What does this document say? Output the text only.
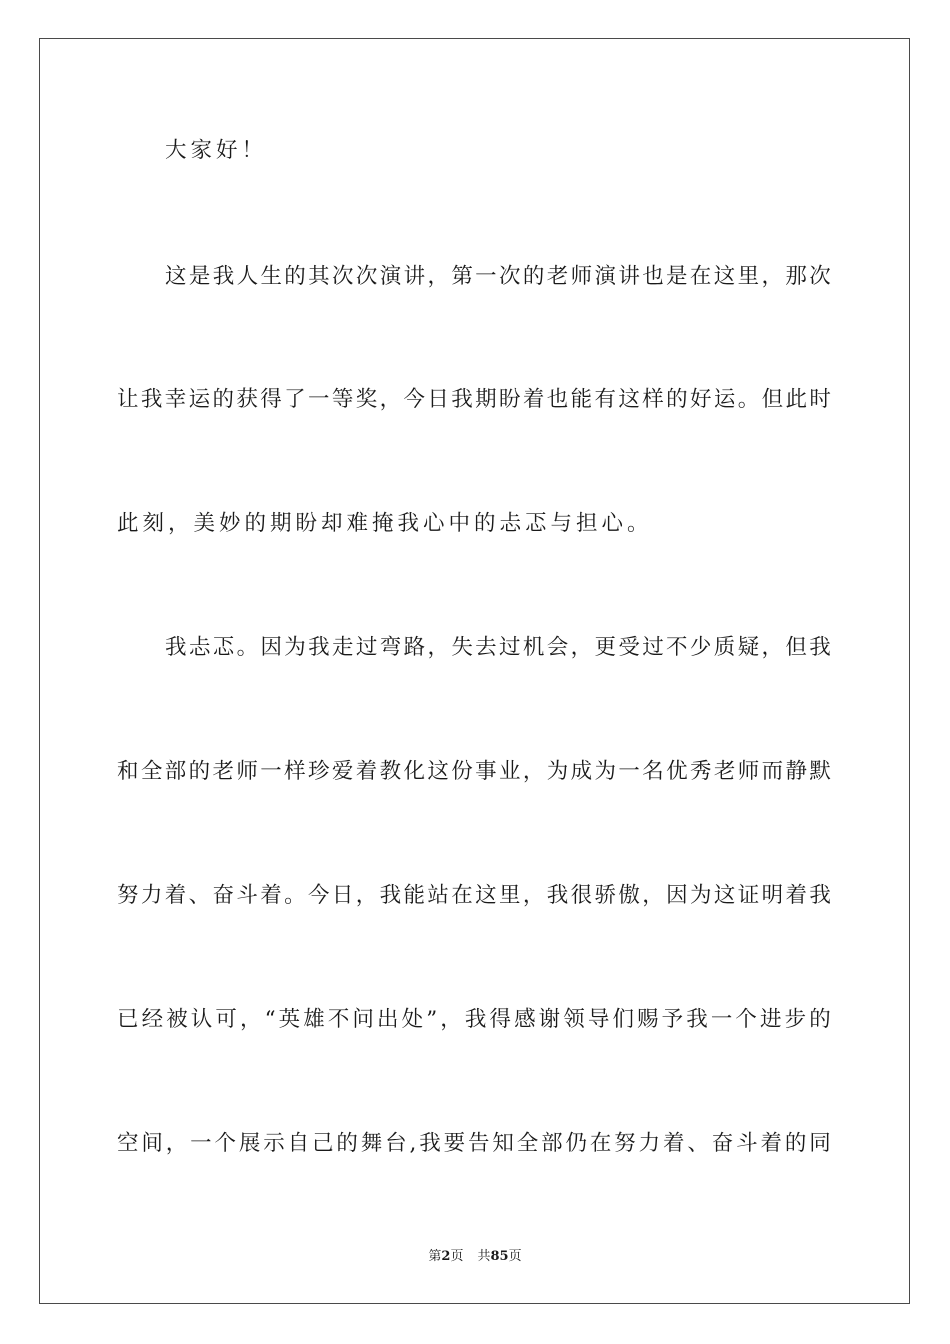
大家好！
这 是 我 人 生 的 其 次 次 演 讲 ， 第 一 次 的 老 师 演 讲 也 是 在 这 里 ， 那 次
让 我 幸 运 的 获 得 了 一 等 奖 ， 今 日 我 期 盼 着 也 能 有 这 样 的 好 运 。 但 此 时
此刻，美妙的期盼却难掩我心中的忐忑与担心。
我 忐 忑 。 因 为 我 走 过 弯 路 ， 失 去 过 机 会 ， 更 受 过 不 少 质 疑 ， 但 我
和 全 部 的 老 师 一 样 珍 爱 着 教 化 这 份 事 业 ， 为 成 为 一 名 优 秀 老 师 而 静 默
努 力 着 、 奋 斗 着 。 今 日 ， 我 能 站 在 这 里 ， 我 很 骄 傲 ， 因 为 这 证 明 着 我
已 经 被 认 可 ， “ 英 雄 不 问 出 处 ” ， 我 得 感 谢 领 导 们 赐 予 我 一 个 进 步 的
空 间 ， 一 个 展 示 自 己 的 舞 台 , 我 要 告 知 全 部 仍 在 努 力 着 、 奋 斗 着 的 同
第2页 共85页
